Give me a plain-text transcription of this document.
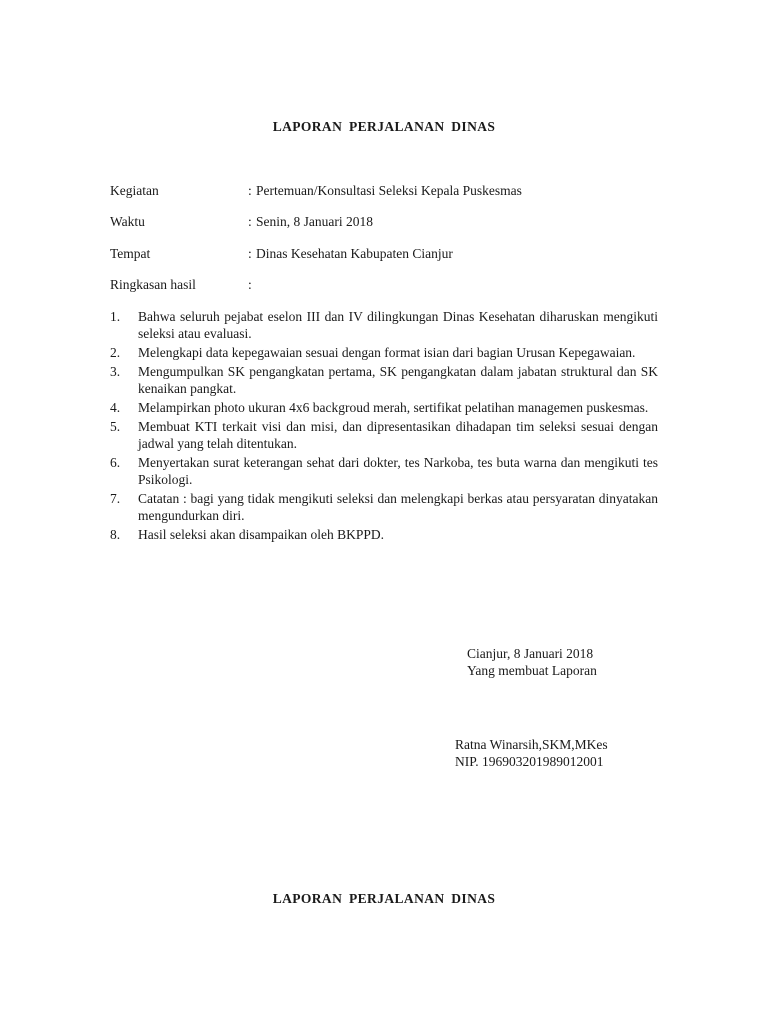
LAPORAN PERJALANAN DINAS
Kegiatan	: Pertemuan/Konsultasi Seleksi Kepala Puskesmas
Waktu	: Senin, 8 Januari 2018
Tempat	: Dinas Kesehatan Kabupaten Cianjur
Ringkasan hasil	:
1. Bahwa seluruh pejabat eselon III dan IV dilingkungan Dinas Kesehatan diharuskan mengikuti seleksi atau evaluasi.
2. Melengkapi data kepegawaian sesuai dengan format isian dari bagian Urusan Kepegawaian.
3. Mengumpulkan SK pengangkatan pertama, SK pengangkatan dalam jabatan struktural dan SK kenaikan pangkat.
4. Melampirkan photo ukuran 4x6 backgroud merah, sertifikat pelatihan managemen puskesmas.
5. Membuat KTI terkait visi dan misi, dan dipresentasikan dihadapan tim seleksi sesuai dengan jadwal yang telah ditentukan.
6. Menyertakan surat keterangan sehat dari dokter, tes Narkoba, tes buta warna dan mengikuti tes Psikologi.
7. Catatan : bagi yang tidak mengikuti seleksi dan melengkapi berkas atau persyaratan dinyatakan mengundurkan diri.
8. Hasil seleksi akan disampaikan oleh BKPPD.
Cianjur, 8 Januari 2018
Yang membuat Laporan
Ratna Winarsih,SKM,MKes
NIP. 196903201989012001
LAPORAN PERJALANAN DINAS
